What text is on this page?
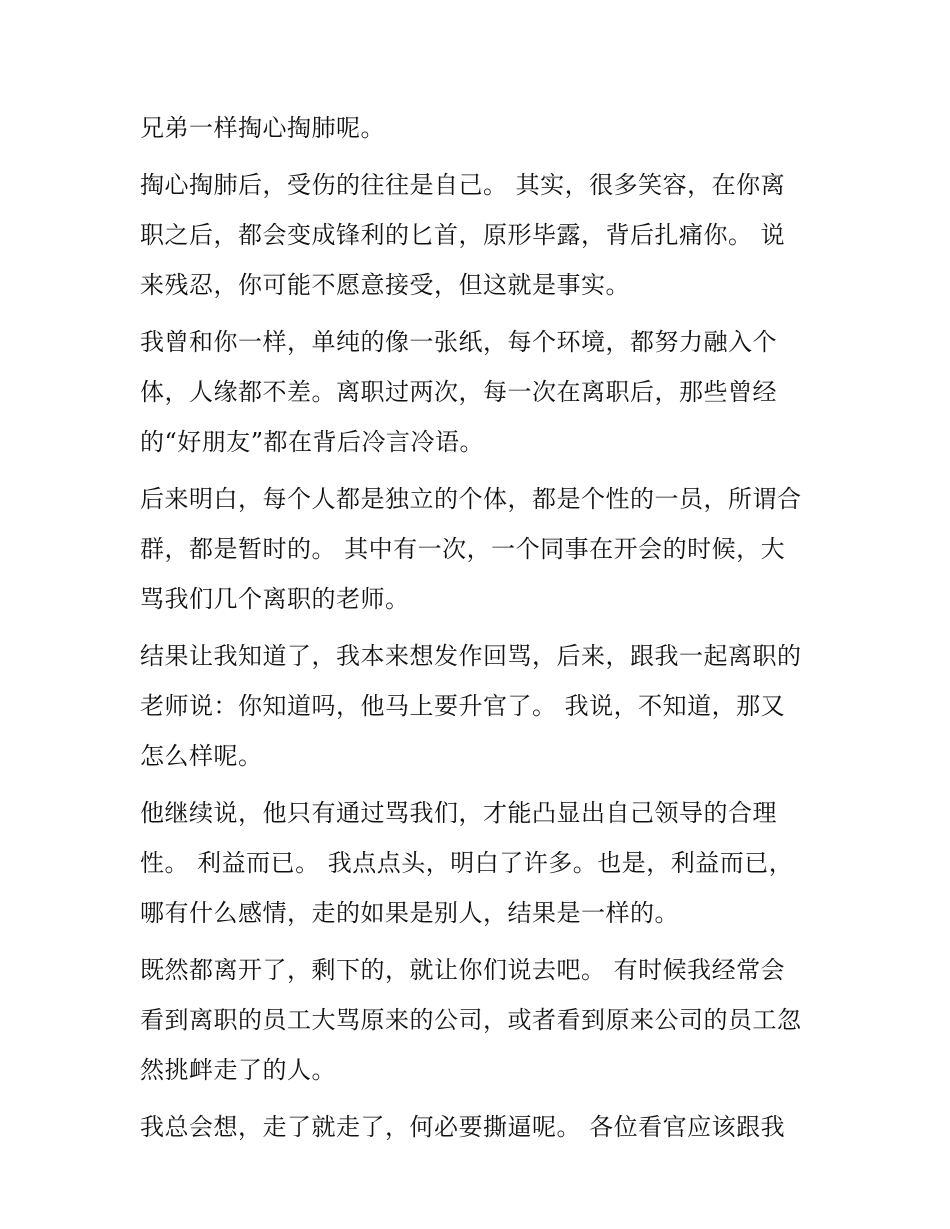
兄弟一样掏心掏肺呢。
掏心掏肺后，受伤的往往是自己。 其实，很多笑容，在你离
职之后，都会变成锋利的匕首，原形毕露，背后扎痛你。 说
来残忍，你可能不愿意接受，但这就是事实。
我曾和你一样，单纯的像一张纸，每个环境，都努力融入个
体，人缘都不差。离职过两次，每一次在离职后，那些曾经
的“好朋友”都在背后冷言冷语。
后来明白，每个人都是独立的个体，都是个性的一员，所谓合
群，都是暂时的。 其中有一次，一个同事在开会的时候，大
骂我们几个离职的老师。
结果让我知道了，我本来想发作回骂，后来，跟我一起离职的
老师说：你知道吗，他马上要升官了。 我说，不知道，那又
怎么样呢。
他继续说，他只有通过骂我们，才能凸显出自己领导的合理
性。 利益而已。 我点点头，明白了许多。也是，利益而已，
哪有什么感情，走的如果是别人，结果是一样的。
既然都离开了，剩下的，就让你们说去吧。 有时候我经常会
看到离职的员工大骂原来的公司，或者看到原来公司的员工忽
然挑衅走了的人。
我总会想，走了就走了，何必要撕逼呢。 各位看官应该跟我
